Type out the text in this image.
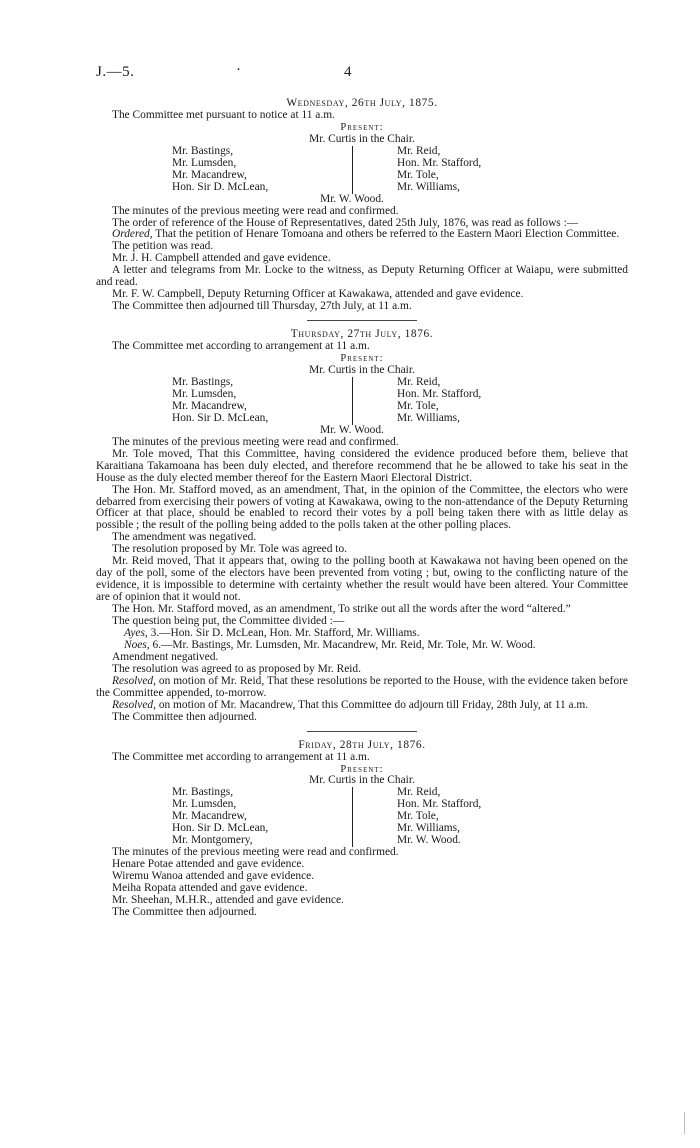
J.—5.	·	4
Wednesday, 26th July, 1875.

The Committee met pursuant to notice at 11 a.m.

Present:
Mr. Curtis in the Chair.
Mr. Bastings,
Mr. Lumsden,
Mr. Macandrew,
Hon. Sir D. McLean,
Mr. Reid,
Hon. Mr. Stafford,
Mr. Tole,
Mr. Williams,
Mr. W. Wood.

The minutes of the previous meeting were read and confirmed.

The order of reference of the House of Representatives, dated 25th July, 1876, was read as follows :—

Ordered, That the petition of Henare Tomoana and others be referred to the Eastern Maori Election Committee.

The petition was read.

Mr. J. H. Campbell attended and gave evidence.

A letter and telegrams from Mr. Locke to the witness, as Deputy Returning Officer at Waiapu, were submitted and read.

Mr. F. W. Campbell, Deputy Returning Officer at Kawakawa, attended and gave evidence.

The Committee then adjourned till Thursday, 27th July, at 11 a.m.

Thursday, 27th July, 1876.

The Committee met according to arrangement at 11 a.m.

Present:
Mr. Curtis in the Chair.
Mr. Bastings,
Mr. Lumsden,
Mr. Macandrew,
Hon. Sir D. McLean,
Mr. Reid,
Hon. Mr. Stafford,
Mr. Tole,
Mr. Williams,
Mr. W. Wood.

The minutes of the previous meeting were read and confirmed.

Mr. Tole moved, That this Committee, having considered the evidence produced before them, believe that Karaitiana Takamoana has been duly elected, and therefore recommend that he be allowed to take his seat in the House as the duly elected member thereof for the Eastern Maori Electoral District.

The Hon. Mr. Stafford moved, as an amendment, That, in the opinion of the Committee, the electors who were debarred from exercising their powers of voting at Kawakawa, owing to the non-attendance of the Deputy Returning Officer at that place, should be enabled to record their votes by a poll being taken there with as little delay as possible ; the result of the polling being added to the polls taken at the other polling places.

The amendment was negatived.

The resolution proposed by Mr. Tole was agreed to.

Mr. Reid moved, That it appears that, owing to the polling booth at Kawakawa not having been opened on the day of the poll, some of the electors have been prevented from voting ; but, owing to the conflicting nature of the evidence, it is impossible to determine with certainty whether the result would have been altered. Your Committee are of opinion that it would not.

The Hon. Mr. Stafford moved, as an amendment, To strike out all the words after the word “altered.”

The question being put, the Committee divided :—

Ayes, 3.—Hon. Sir D. McLean, Hon. Mr. Stafford, Mr. Williams.

Noes, 6.—Mr. Bastings, Mr. Lumsden, Mr. Macandrew, Mr. Reid, Mr. Tole, Mr. W. Wood.

Amendment negatived.

The resolution was agreed to as proposed by Mr. Reid.

Resolved, on motion of Mr. Reid, That these resolutions be reported to the House, with the evidence taken before the Committee appended, to-morrow.

Resolved, on motion of Mr. Macandrew, That this Committee do adjourn till Friday, 28th July, at 11 a.m.

The Committee then adjourned.

Friday, 28th July, 1876.

The Committee met according to arrangement at 11 a.m.

Present:
Mr. Curtis in the Chair.
Mr. Bastings,
Mr. Lumsden,
Mr. Macandrew,
Hon. Sir D. McLean,
Mr. Montgomery,
Mr. Reid,
Hon. Mr. Stafford,
Mr. Tole,
Mr. Williams,
Mr. W. Wood.

The minutes of the previous meeting were read and confirmed.

Henare Potae attended and gave evidence.

Wiremu Wanoa attended and gave evidence.

Meiha Ropata attended and gave evidence.

Mr. Sheehan, M.H.R., attended and gave evidence.

The Committee then adjourned.
